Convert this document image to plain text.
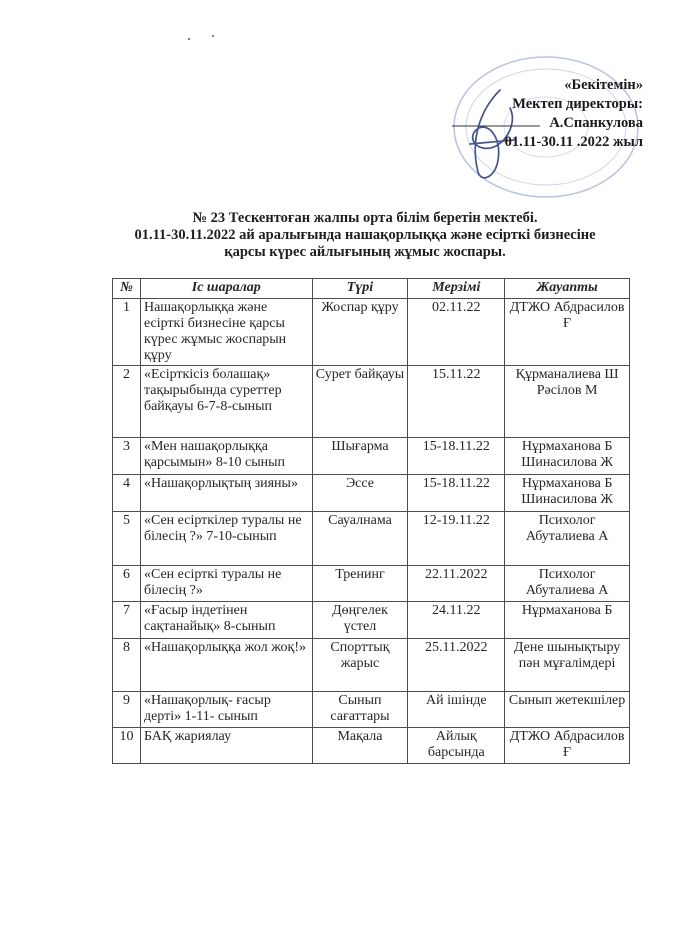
«Бекітемін»
Мектеп директоры:
А.Спанкулова
01.11-30.11 .2022 жыл
№ 23 Тескентоған жалпы орта білім беретін мектебі.
01.11-30.11.2022 ай аралығында нашақорлыққа және есірткі бизнесіне
қарсы күрес айлығының жұмыс жоспары.
№	Іс шаралар	Түрі	Мерзімі	Жауапты
1	Нашақорлыққа және есірткі бизнесіне қарсы күрес жұмыс жоспарын құру	Жоспар құру	02.11.22	ДТЖО Абдрасилов Ғ
2	«Есірткісіз болашақ» тақырыбында суреттер байқауы 6-7-8-сынып	Сурет байқауы	15.11.22	Құрманалиева Ш Рәсілов М
3	«Мен нашақорлыққа қарсымын» 8-10 сынып	Шығарма	15-18.11.22	Нұрмаханова Б Шинасилова Ж
4	«Нашақорлықтың зияны»	Эссе	15-18.11.22	Нұрмаханова Б Шинасилова Ж
5	«Сен есірткілер туралы не білесің ?» 7-10-сынып	Сауалнама	12-19.11.22	Психолог Абуталиева А
6	«Сен есірткі туралы не білесің ?»	Тренинг	22.11.2022	Психолог Абуталиева А
7	«Ғасыр індетінен сақтанайық» 8-сынып	Дөңгелек үстел	24.11.22	Нұрмаханова Б
8	«Нашақорлыққа жол жоқ!»	Спорттық жарыс	25.11.2022	Дене шынықтыру пән мұғалімдері
9	«Нашақорлық- ғасыр дерті» 1-11- сынып	Сынып сағаттары	Ай ішінде	Сынып жетекшілер
10	БАҚ жариялау	Мақала	Айлық барсында	ДТЖО Абдрасилов Ғ
